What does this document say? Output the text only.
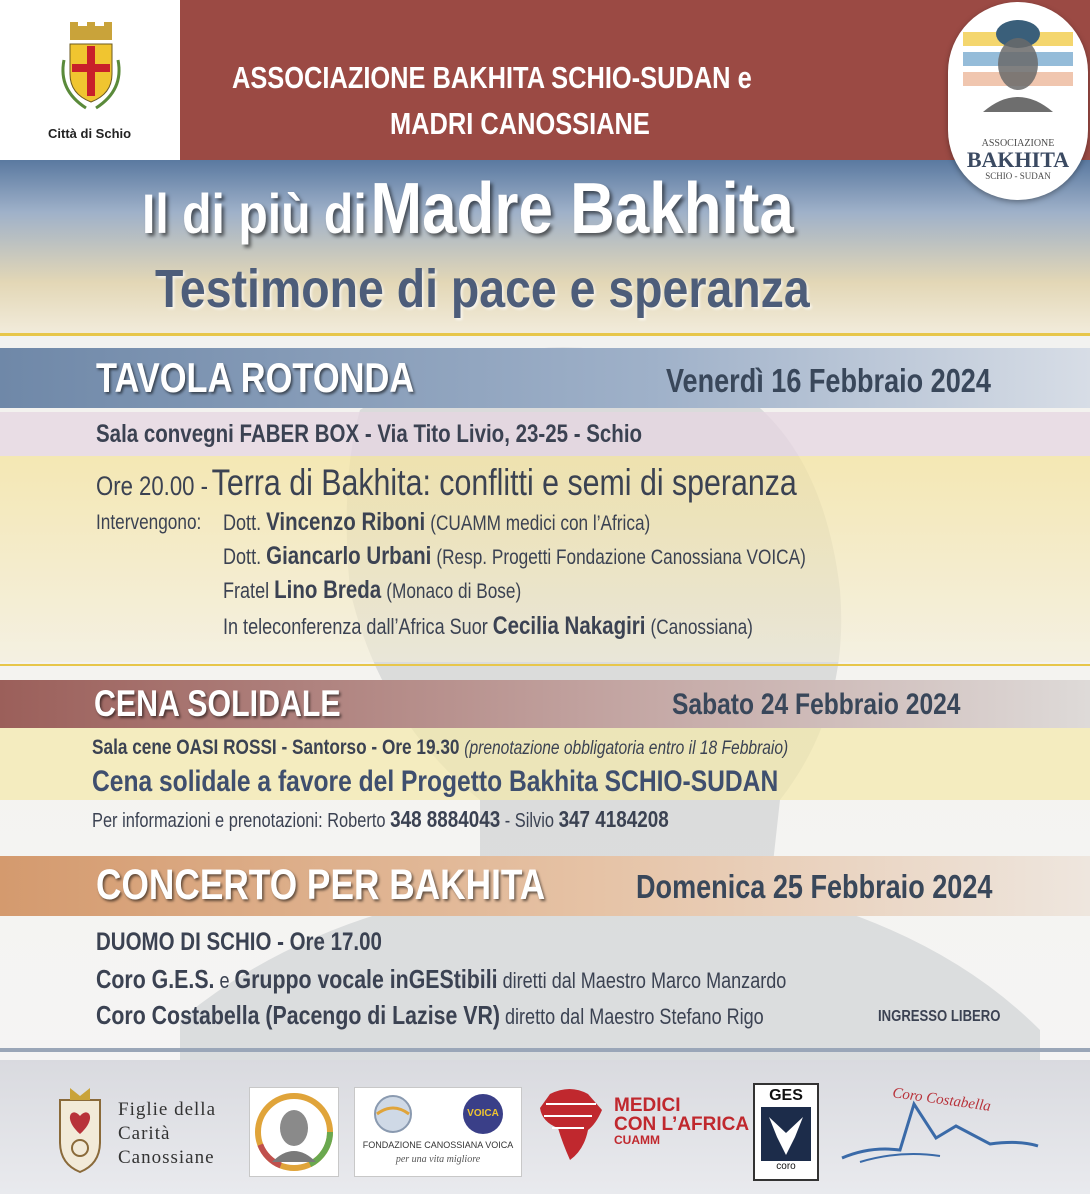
Città di Schio
ASSOCIAZIONE BAKHITA SCHIO-SUDAN e
MADRI CANOSSIANE
ASSOCIAZIONE
BAKHITA
SCHIO - SUDAN
Il di più di Madre Bakhita
Testimone di pace e speranza
TAVOLA ROTONDA	Venerdì 16 Febbraio 2024
Sala convegni FABER BOX - Via Tito Livio, 23-25 - Schio
Ore 20.00 - Terra di Bakhita: conflitti e semi di speranza
Intervengono: Dott. Vincenzo Riboni (CUAMM medici con l’Africa)
Dott. Giancarlo Urbani (Resp. Progetti Fondazione Canossiana VOICA)
Fratel Lino Breda (Monaco di Bose)
In teleconferenza dall’Africa Suor Cecilia Nakagiri (Canossiana)
CENA SOLIDALE	Sabato 24 Febbraio 2024
Sala cene OASI ROSSI - Santorso - Ore 19.30 (prenotazione obbligatoria entro il 18 Febbraio)
Cena solidale a favore del Progetto Bakhita SCHIO-SUDAN
Per informazioni e prenotazioni: Roberto 348 8884043 - Silvio 347 4184208
CONCERTO PER BAKHITA	Domenica 25 Febbraio 2024
DUOMO DI SCHIO - Ore 17.00
Coro G.E.S. e Gruppo vocale inGEStibili diretti dal Maestro Marco Manzardo
Coro Costabella (Pacengo di Lazise VR) diretto dal Maestro Stefano Rigo	INGRESSO LIBERO
Figlie della
Carità
Canossiane
VOICA
FONDAZIONE CANOSSIANA VOICA
per una vita migliore
MEDICI
CON L’AFRICA
CUAMM
GES
coro
Coro Costabella
